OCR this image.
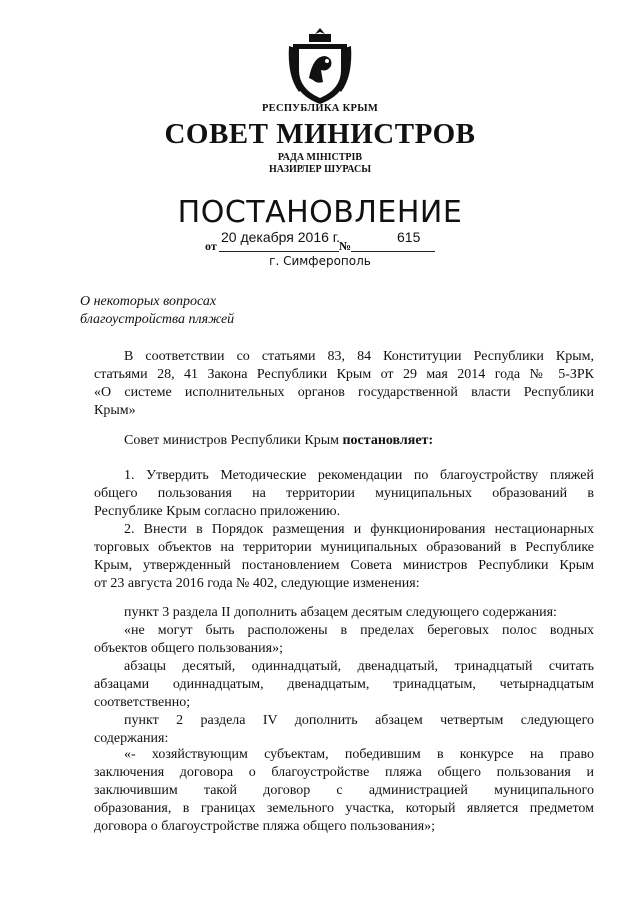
РЕСПУБЛИКА КРЫМ
СОВЕТ МИНИСТРОВ
РАДА МІНІСТРІВ
НАЗИРЛЕР ШУРАСЫ
ПОСТАНОВЛЕНИЕ
от
20 декабря 2016 г.
№
615
г. Симферополь
О некоторых вопросах
благоустройства пляжей
В соответствии со статьями 83, 84 Конституции Республики Крым,
статьями 28, 41 Закона Республики Крым от 29 мая 2014 года № 5-ЗРК
«О системе исполнительных органов государственной власти Республики
Крым»
Совет министров Республики Крым постановляет:
1. Утвердить Методические рекомендации по благоустройству пляжей
общего пользования на территории муниципальных образований в
Республике Крым согласно приложению.
2. Внести в Порядок размещения и функционирования нестационарных
торговых объектов на территории муниципальных образований в Республике
Крым, утвержденный постановлением Совета министров Республики Крым
от 23 августа 2016 года № 402, следующие изменения:
пункт 3 раздела II дополнить абзацем десятым следующего содержания:
«не могут быть расположены в пределах береговых полос водных
объектов общего пользования»;
абзацы десятый, одиннадцатый, двенадцатый, тринадцатый считать
абзацами одиннадцатым, двенадцатым, тринадцатым, четырнадцатым
соответственно;
пункт 2 раздела IV дополнить абзацем четвертым следующего
содержания:
«- хозяйствующим субъектам, победившим в конкурсе на право
заключения договора о благоустройстве пляжа общего пользования и
заключившим такой договор с администрацией муниципального
образования, в границах земельного участка, который является предметом
договора о благоустройстве пляжа общего пользования»;
